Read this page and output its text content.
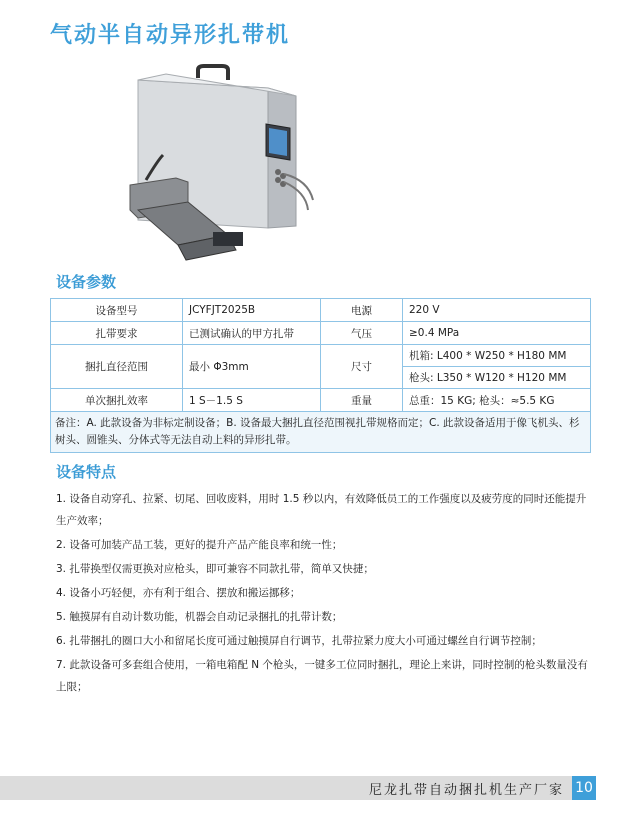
气动半自动异形扎带机
设备参数
设备型号	JCYFJT2025B	电源	220 V
扎带要求	已测试确认的甲方扎带	气压	≥0.4 MPa
捆扎直径范围	最小 Φ3mm	尺寸	机箱: L400 * W250 * H180 MM
			枪头: L350 * W120 * H120 MM
单次捆扎效率	1 S－1.5 S	重量	总重：15 KG; 枪头：≈5.5 KG
备注：A. 此款设备为非标定制设备；B. 设备最大捆扎直径范围视扎带规格而定；C. 此款设备适用于像飞机头、杉树头、圆锥头、分体式等无法自动上料的异形扎带。			
设备特点
1. 设备自动穿孔、拉紧、切尾、回收废料，用时 1.5 秒以内，有效降低员工的工作强度以及疲劳度的同时还能提升生产效率；
2. 设备可加装产品工装，更好的提升产品产能良率和统一性；
3. 扎带换型仅需更换对应枪头，即可兼容不同款扎带，简单又快捷；
4. 设备小巧轻便，亦有利于组合、摆放和搬运挪移；
5. 触摸屏有自动计数功能，机器会自动记录捆扎的扎带计数；
6. 扎带捆扎的圈口大小和留尾长度可通过触摸屏自行调节，扎带拉紧力度大小可通过螺丝自行调节控制；
7. 此款设备可多套组合使用，一箱电箱配 N 个枪头，一键多工位同时捆扎，理论上来讲，同时控制的枪头数量没有上限；
尼龙扎带自动捆扎机生产厂家 10
